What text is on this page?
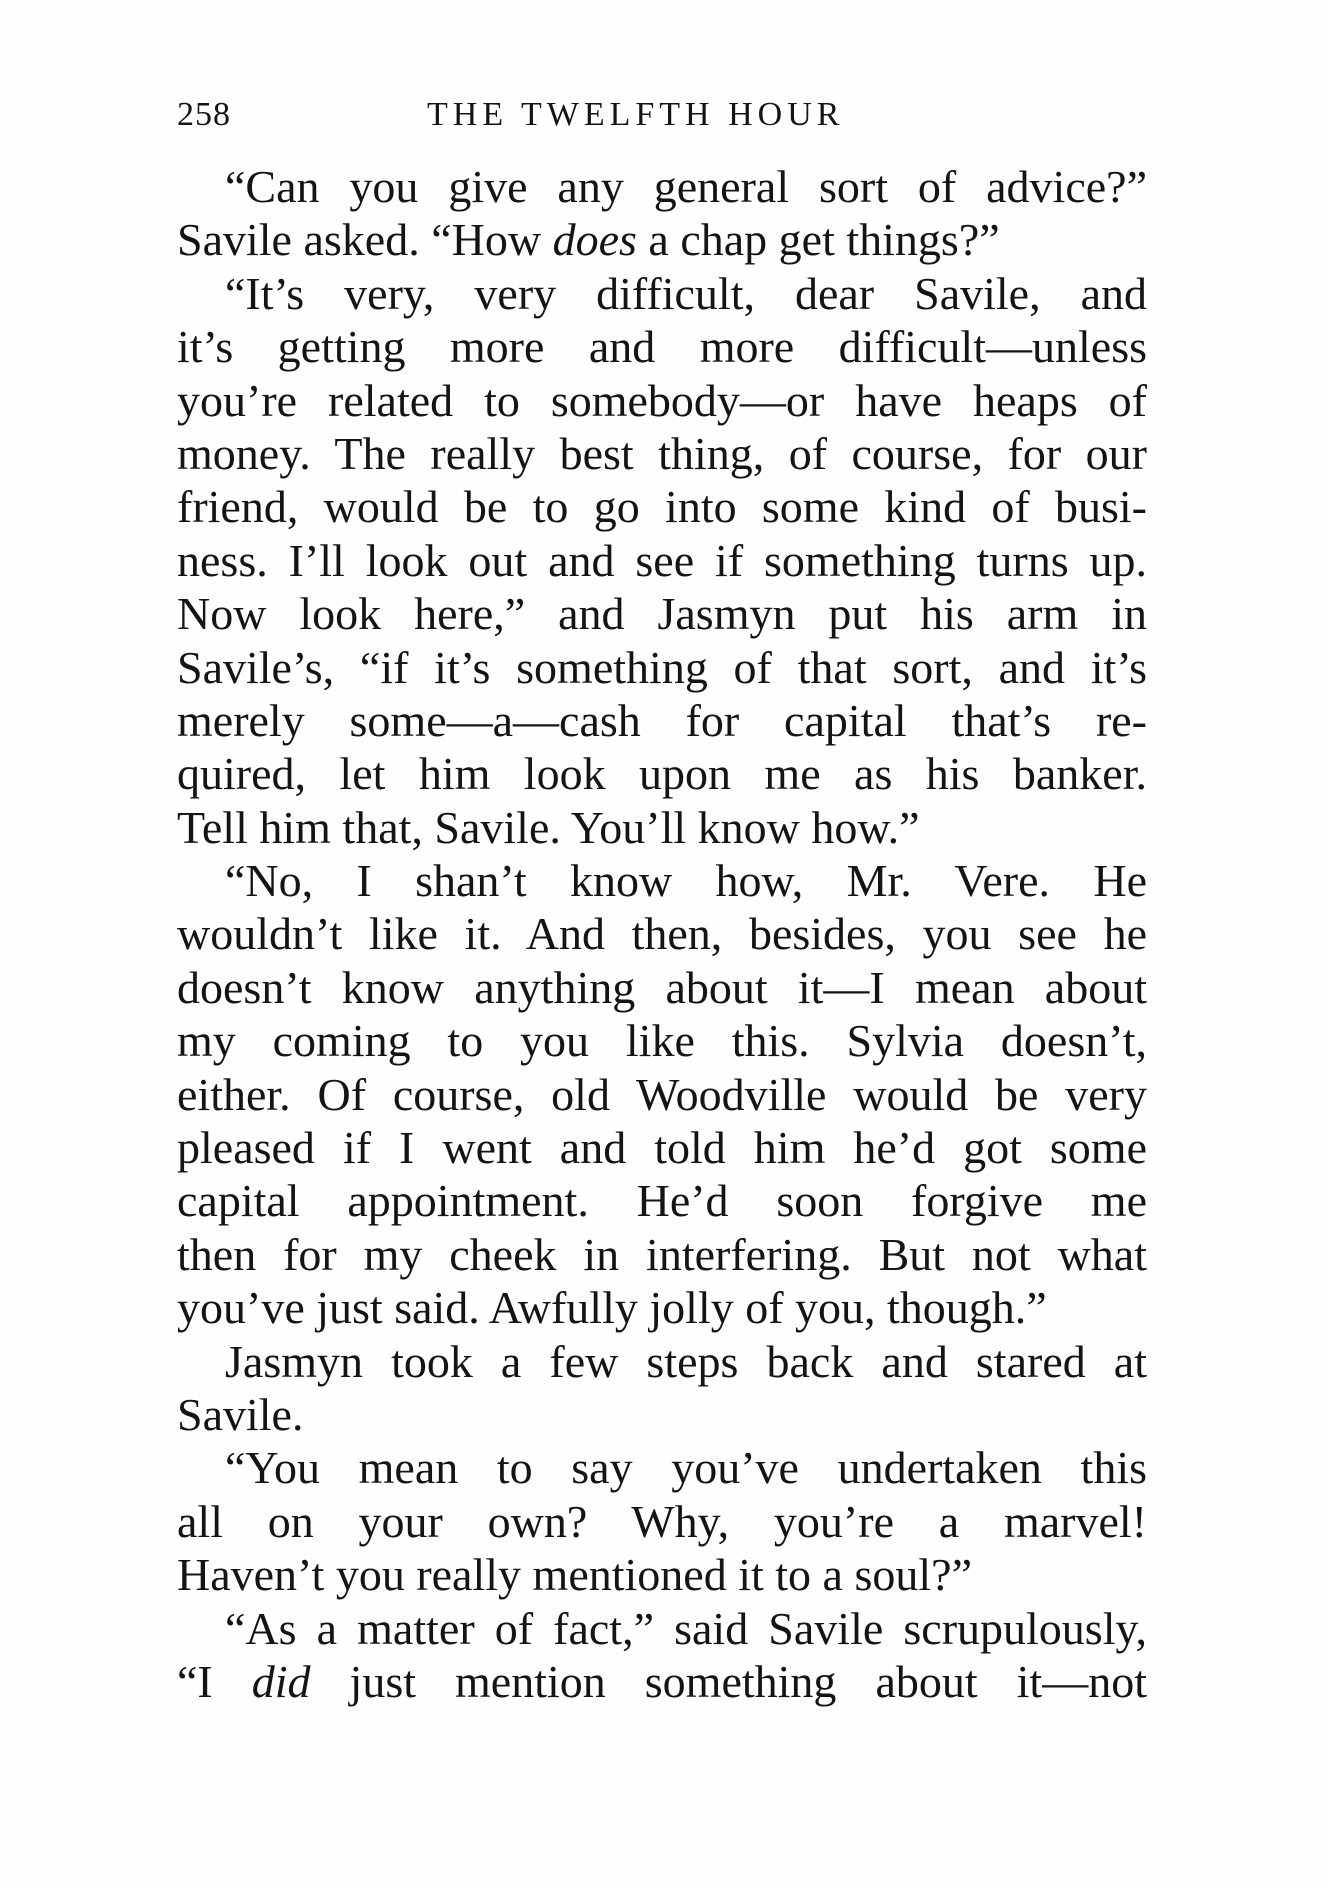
258	THE TWELFTH HOUR
“Can you give any general sort of advice?”
Savile asked. “How does a chap get things?”
“It’s very, very difficult, dear Savile, and
it’s getting more and more difficult—unless
you’re related to somebody—or have heaps of
money. The really best thing, of course, for our
friend, would be to go into some kind of busi-
ness. I’ll look out and see if something turns up.
Now look here,” and Jasmyn put his arm in
Savile’s, “if it’s something of that sort, and it’s
merely some—a—cash for capital that’s re-
quired, let him look upon me as his banker.
Tell him that, Savile. You’ll know how.”
“No, I shan’t know how, Mr. Vere. He
wouldn’t like it. And then, besides, you see he
doesn’t know anything about it—I mean about
my coming to you like this. Sylvia doesn’t,
either. Of course, old Woodville would be very
pleased if I went and told him he’d got some
capital appointment. He’d soon forgive me
then for my cheek in interfering. But not what
you’ve just said. Awfully jolly of you, though.”
Jasmyn took a few steps back and stared at
Savile.
“You mean to say you’ve undertaken this
all on your own? Why, you’re a marvel!
Haven’t you really mentioned it to a soul?”
“As a matter of fact,” said Savile scrupulously,
“I did just mention something about it—not
